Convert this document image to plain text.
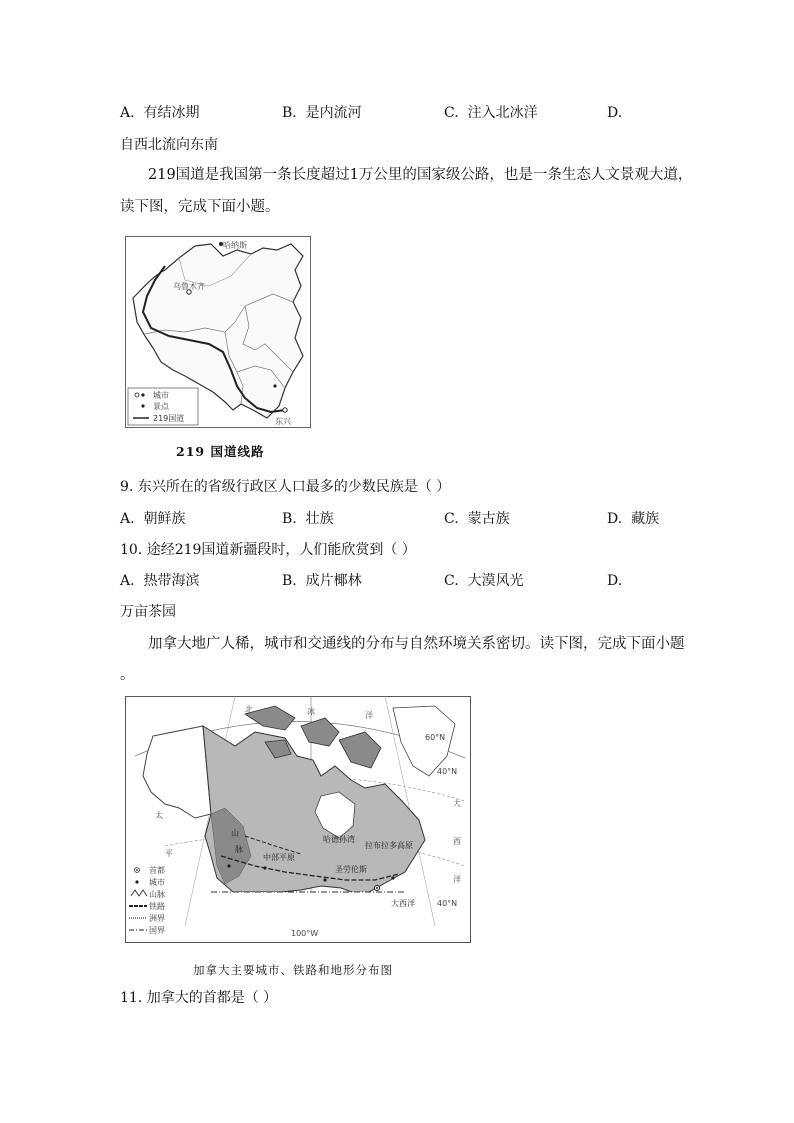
A. 有结冰期	B. 是内流河	C. 注入北冰洋	D.
自西北流向东南
219国道是我国第一条长度超过1万公里的国家级公路，也是一条生态人文景观大道，
读下图，完成下面小题。
哈纳斯
乌鲁木齐
东兴
城市
景点
219国道
219 国道线路
9. 东兴所在的省级行政区人口最多的少数民族是（ ）
A. 朝鲜族	B. 壮族	C. 蒙古族	D. 藏族
10. 途经219国道新疆段时，人们能欣赏到（ ）
A. 热带海滨	B. 成片椰林	C. 大漠风光	D.
万亩茶园
加拿大地广人稀，城市和交通线的分布与自然环境关系密切。读下图，完成下面小题
。
北	冰	洋
太
平
大
西
洋
哈德孙湾
拉布拉多高原
山
脉
圣劳伦斯
中部平原
60°N
40°N
40°N
100°W
大西洋
首都
城市
山脉
铁路
洲界
国界
加拿大主要城市、铁路和地形分布图
11. 加拿大的首都是（ ）
